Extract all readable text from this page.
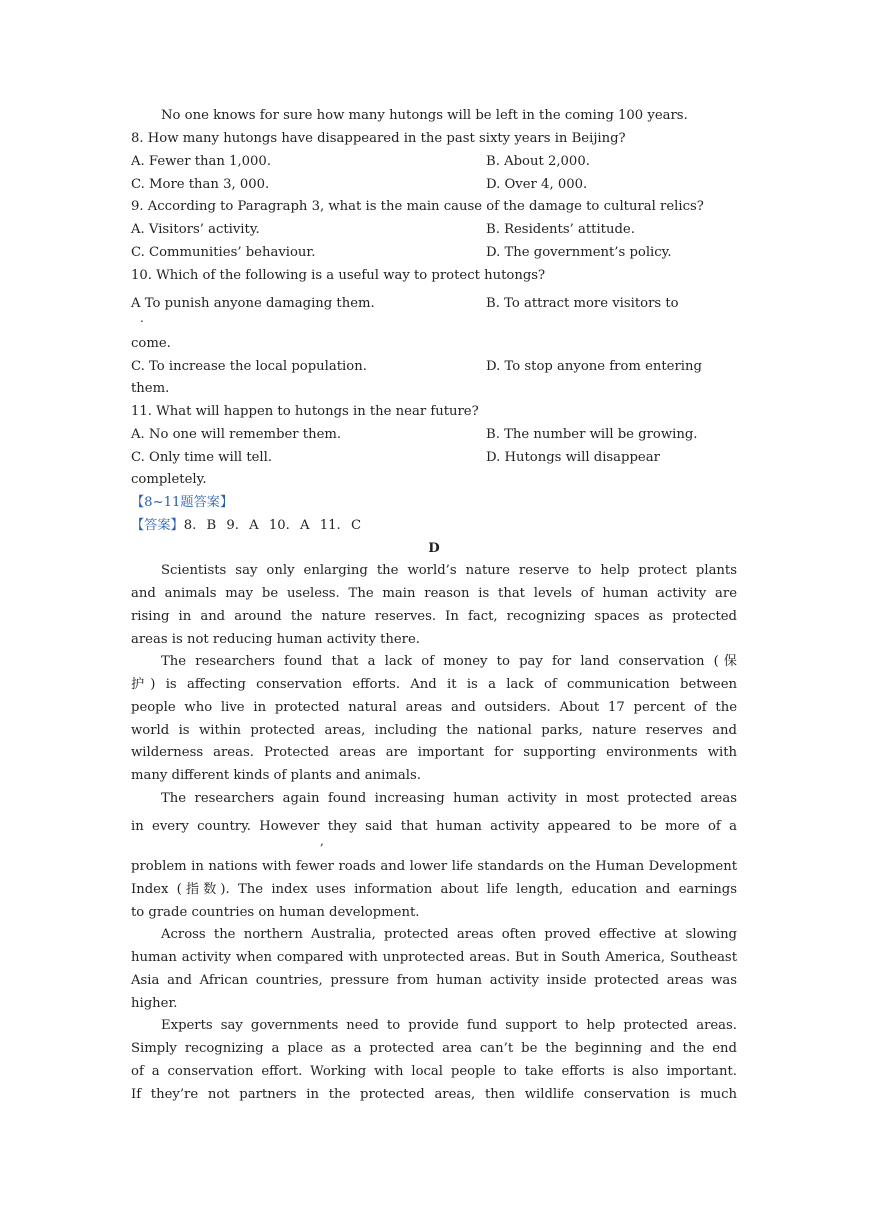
No one knows for sure how many hutongs will be left in the coming 100 years.
8. How many hutongs have disappeared in the past sixty years in Beijing?
A. Fewer than 1,000.	B. About 2,000.
C. More than 3, 000.	D. Over 4, 000.
9. According to Paragraph 3, what is the main cause of the damage to cultural relics?
A. Visitors’ activity.	B. Residents’ attitude.
C. Communities’ behaviour.	D. The government’s policy.
10. Which of the following is a useful way to protect hutongs?
A To punish anyone damaging them.
.
B. To attract more visitors to
come.
C. To increase the local population.	D. To stop anyone from entering
them.
11. What will happen to hutongs in the near future?
A. No one will remember them.	B. The number will be growing.
C. Only time will tell.	D. Hutongs will disappear
completely.
【8~11题答案】
【答案】8. B 9. A 10. A 11. C
D
Scientists say only enlarging the world’s nature reserve to help protect plants
and animals may be useless. The main reason is that levels of human activity are
rising in and around the nature reserves. In fact, recognizing spaces as protected
areas is not reducing human activity there.
The researchers found that a lack of money to pay for land conservation (保
护) is affecting conservation efforts. And it is a lack of communication between
people who live in protected natural areas and outsiders. About 17 percent of the
world is within protected areas, including the national parks, nature reserves and
wilderness areas. Protected areas are important for supporting environments with
many different kinds of plants and animals.
The researchers again found increasing human activity in most protected areas
in every country. However they said that human activity appeared to be more of a
,
problem in nations with fewer roads and lower life standards on the Human Development
Index (指数). The index uses information about life length, education and earnings
to grade countries on human development.
Across the northern Australia, protected areas often proved effective at slowing
human activity when compared with unprotected areas. But in South America, Southeast
Asia and African countries, pressure from human activity inside protected areas was
higher.
Experts say governments need to provide fund support to help protected areas.
Simply recognizing a place as a protected area can’t be the beginning and the end
of a conservation effort. Working with local people to take efforts is also important.
If they’re not partners in the protected areas, then wildlife conservation is much
